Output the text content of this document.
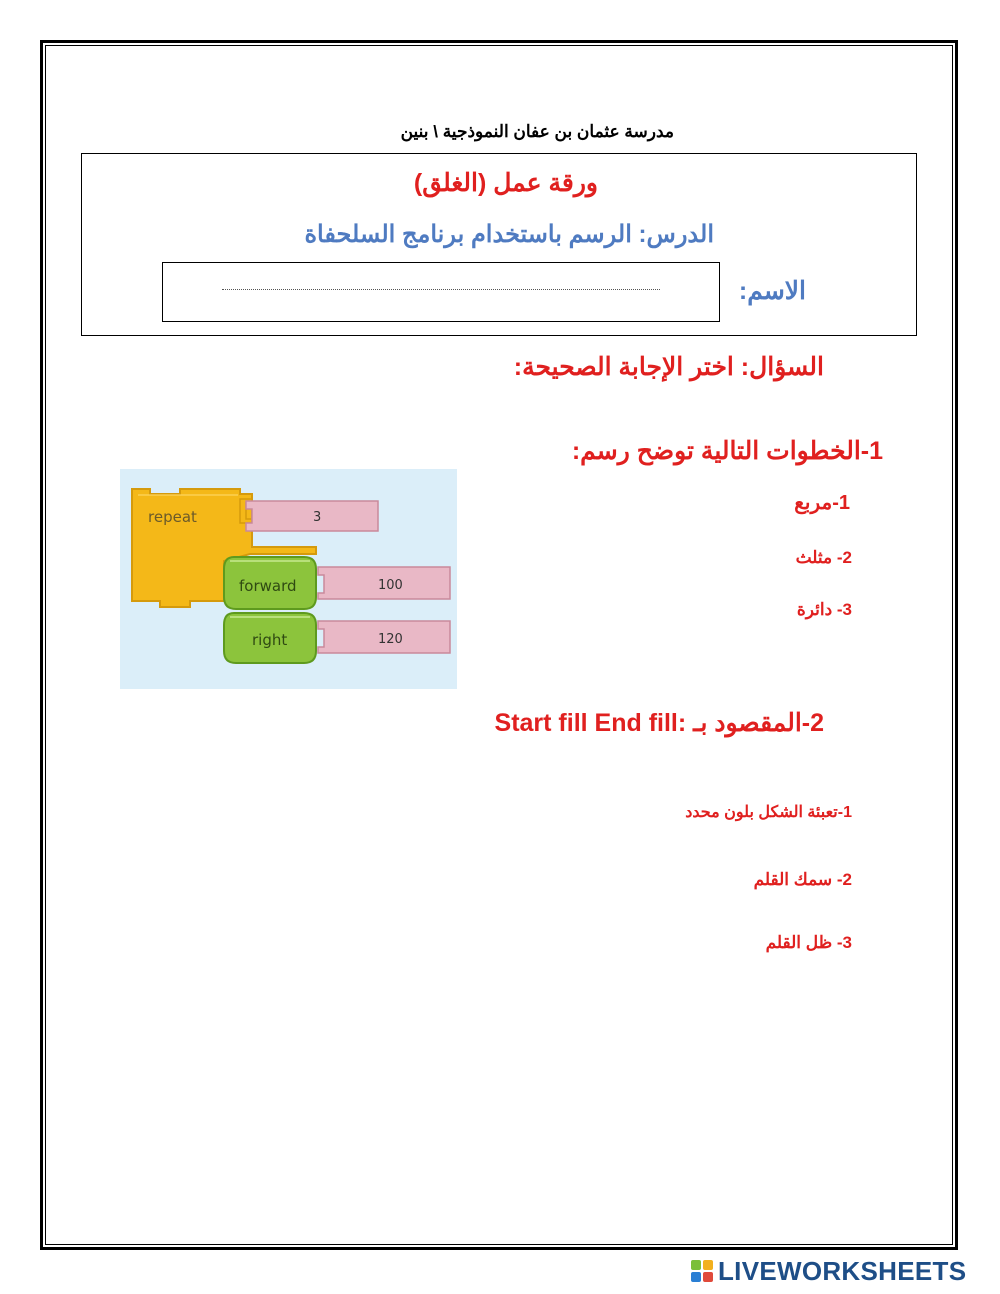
مدرسة عثمان بن عفان النموذجية \ بنين
ورقة عمل (الغلق)
الدرس: الرسم باستخدام برنامج السلحفاة
الاسم:
السؤال: اختر الإجابة الصحيحة:
1-الخطوات التالية توضح رسم:
1-مربع
2- مثلث
3- دائرة
repeat	3
forward	100
right	120
2-المقصود بـ :Start fill End fill
1-تعبئة الشكل بلون محدد
2- سمك القلم
3- ظل القلم
LIVEWORKSHEETS
